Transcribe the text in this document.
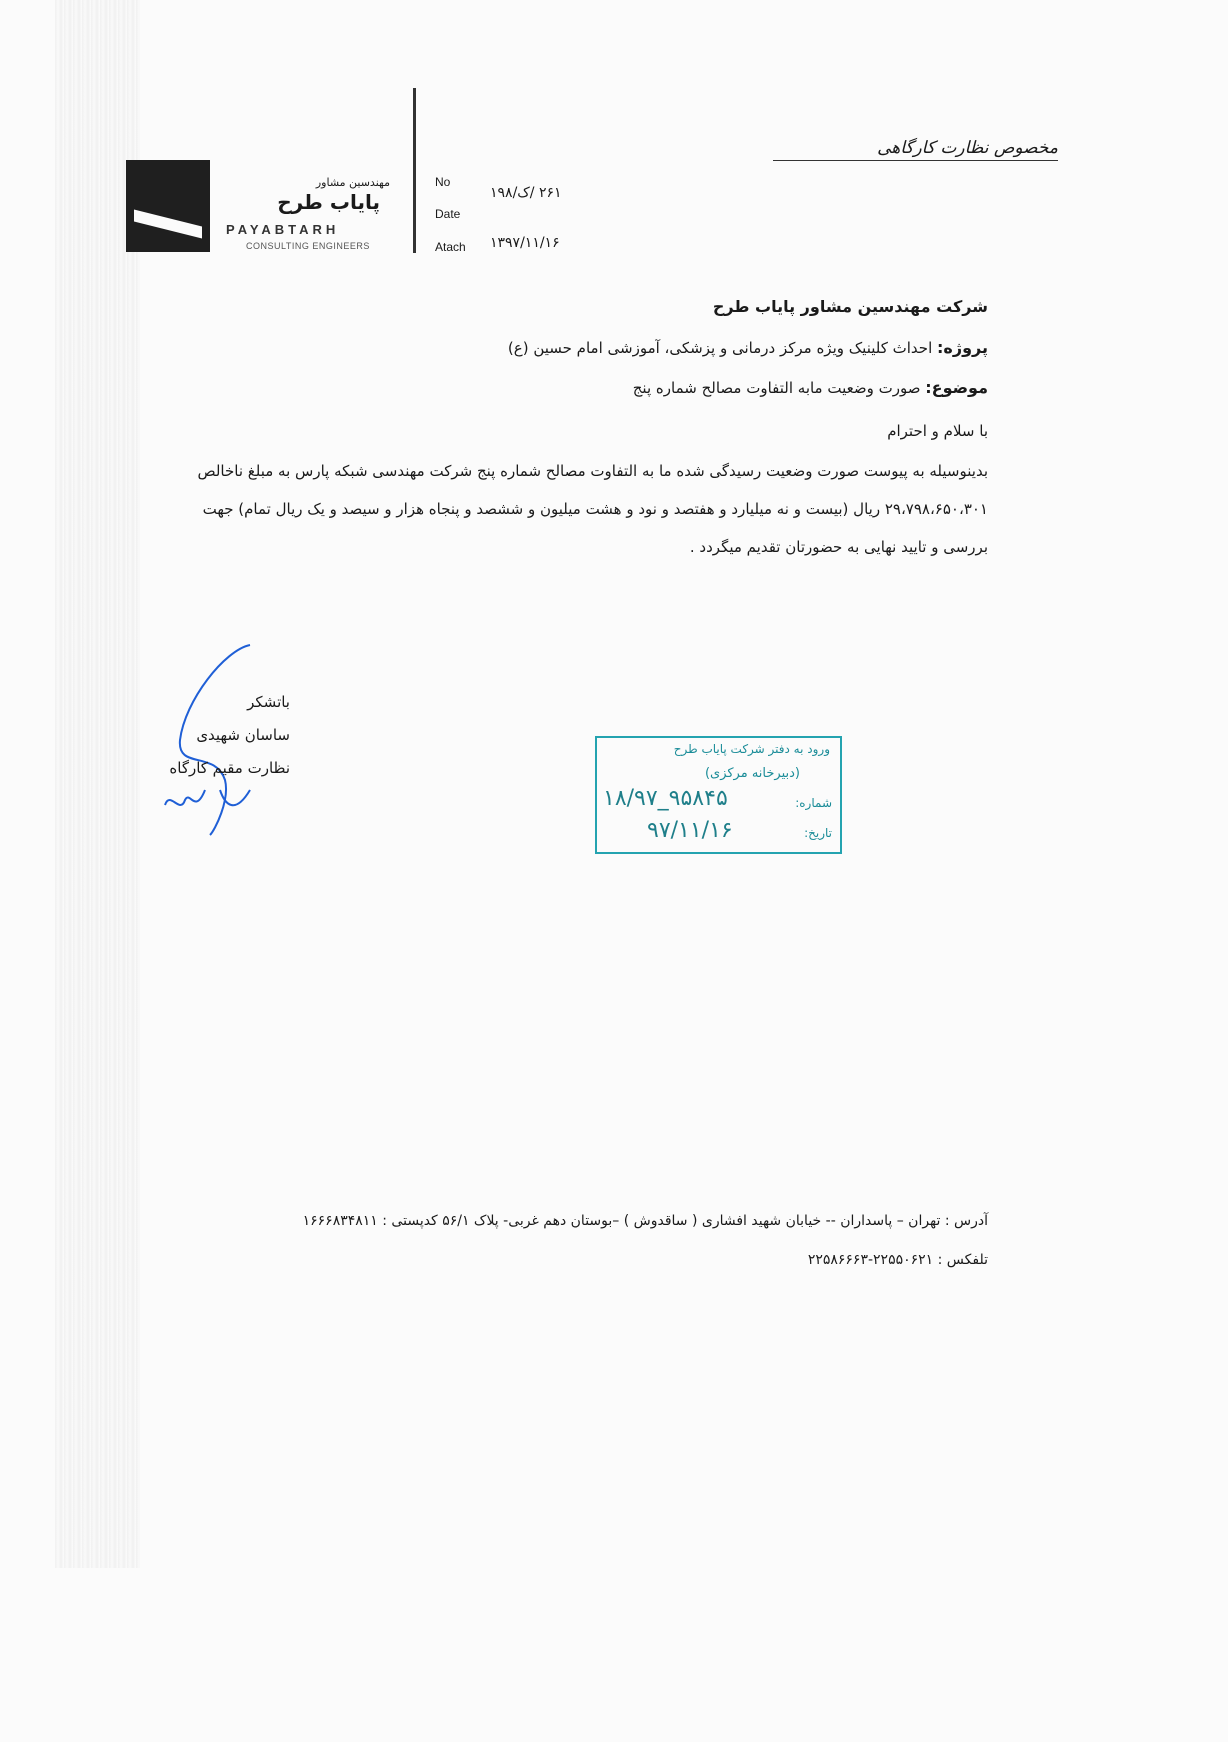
مهندسین مشاور
پایاب طرح
PAYABTARH
CONSULTING ENGINEERS
No
Date
Atach
۲۶۱ /ک/۱۹۸
۱۳۹۷/۱۱/۱۶
مخصوص نظارت کارگاهی
شرکت مهندسین مشاور پایاب طرح
پروژه: احداث کلینیک ویژه مرکز درمانی و پزشکی، آموزشی امام حسین (ع)
موضوع: صورت وضعیت مابه التفاوت مصالح شماره پنج
با سلام و احترام
بدینوسیله به پیوست صورت وضعیت رسیدگی شده ما به التفاوت مصالح شماره پنج شرکت مهندسی شبکه پارس به مبلغ ناخالص ۲۹،۷۹۸،۶۵۰،۳۰۱ ریال (بیست و نه میلیارد و هفتصد و نود و هشت میلیون و ششصد و پنجاه هزار و سیصد و یک ریال تمام) جهت بررسی و تایید نهایی به حضورتان تقدیم میگردد .
باتشکر
ساسان شهیدی
نظارت مقیم کارگاه
ورود به دفتر شرکت پایاب طرح
(دبیرخانه مرکزی)
شماره:
۱۸/۹۷_۹۵۸۴۵
تاریخ:
۹۷/۱۱/۱۶
آدرس : تهران – پاسداران -- خیابان شهید افشاری ( ساقدوش ) –بوستان دهم غربی- پلاک ۵۶/۱ کدپستی : ۱۶۶۶۸۳۴۸۱۱
تلفکس : ۲۲۵۵۰۶۲۱-۲۲۵۸۶۶۶۳
